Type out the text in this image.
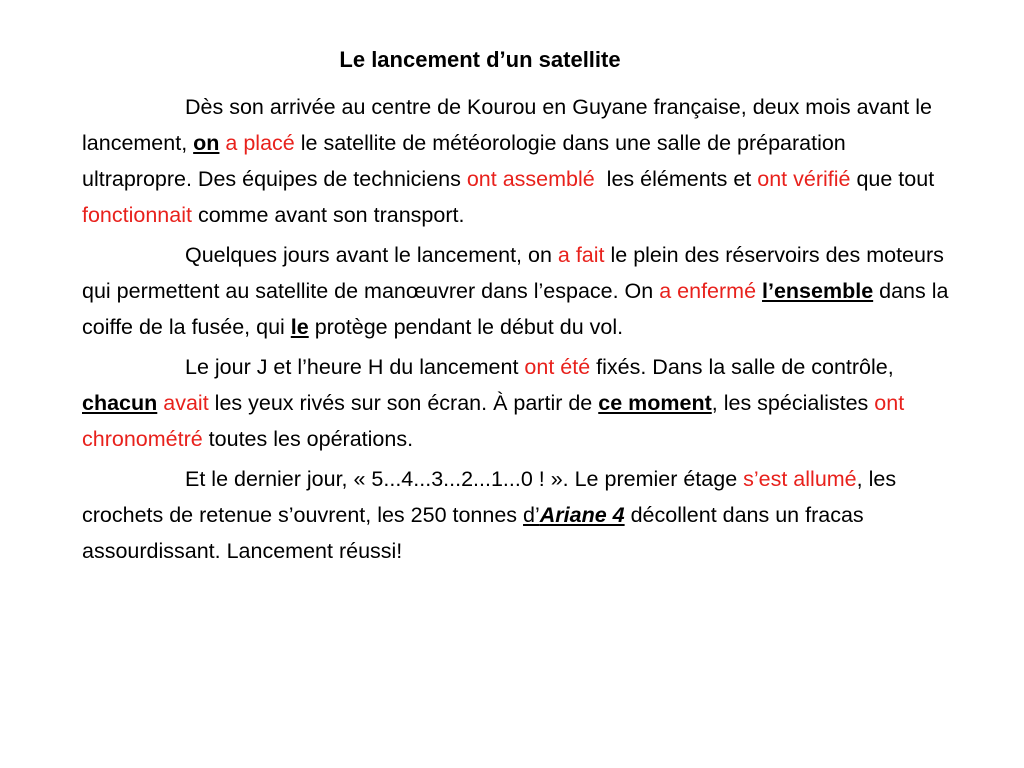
Le lancement d’un satellite

Dès son arrivée au centre de Kourou en Guyane française, deux mois avant le lancement, on a placé le satellite de météorologie dans une salle de préparation ultrapropre. Des équipes de techniciens ont assemblé  les éléments et ont vérifié que tout fonctionnait comme avant son transport.

Quelques jours avant le lancement, on a fait le plein des réservoirs des moteurs qui permettent au satellite de manœuvrer dans l’espace. On a enfermé l’ensemble dans la coiffe de la fusée, qui le protège pendant le début du vol.

Le jour J et l’heure H du lancement ont été fixés. Dans la salle de contrôle, chacun avait les yeux rivés sur son écran. À partir de ce moment, les spécialistes ont chronométré toutes les opérations.

Et le dernier jour, « 5...4...3...2...1...0 ! ». Le premier étage s’est allumé, les crochets de retenue s’ouvrent, les 250 tonnes d’Ariane 4 décollent dans un fracas assourdissant. Lancement réussi!
